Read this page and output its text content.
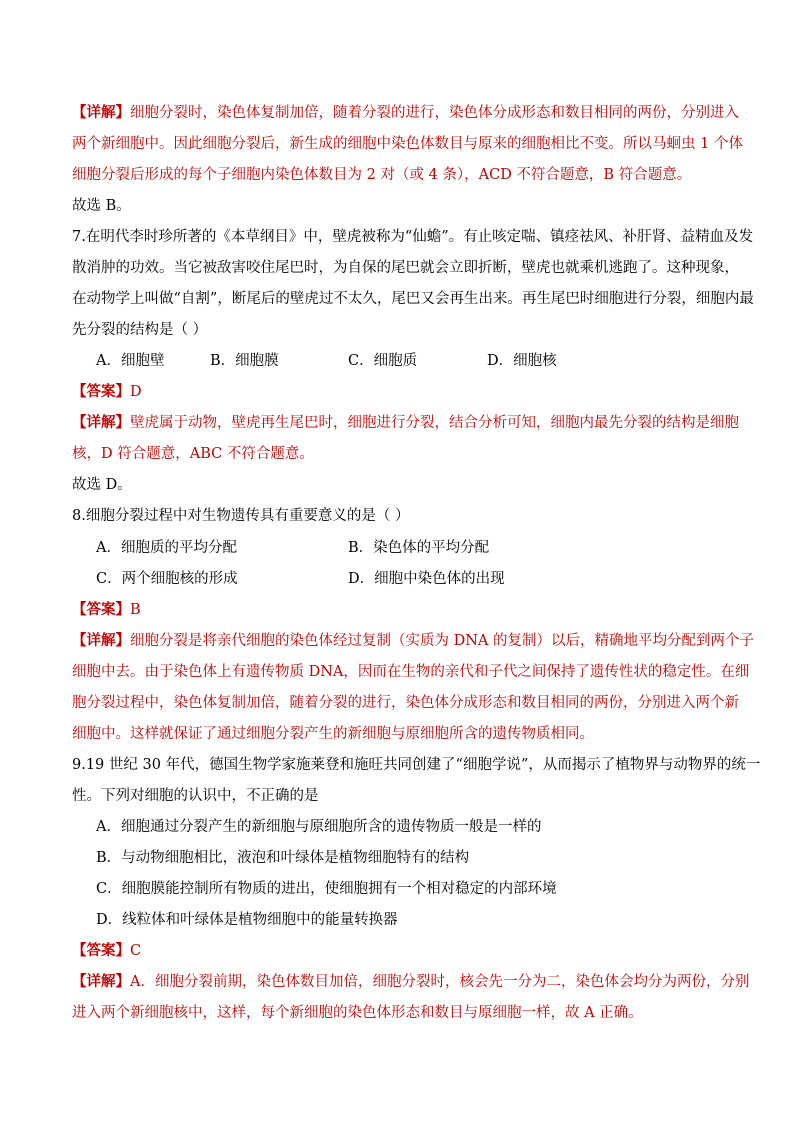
【详解】细胞分裂时，染色体复制加倍，随着分裂的进行，染色体分成形态和数目相同的两份，分别进入
两个新细胞中。因此细胞分裂后，新生成的细胞中染色体数目与原来的细胞相比不变。所以马蛔虫 1 个体
细胞分裂后形成的每个子细胞内染色体数目为 2 对（或 4 条），ACD 不符合题意，B 符合题意。
故选 B。
7.在明代李时珍所著的《本草纲目》中，壁虎被称为“仙蟾”。有止咳定喘、镇痉祛风、补肝肾、益精血及发
散消肿的功效。当它被敌害咬住尾巴时，为自保的尾巴就会立即折断，壁虎也就乘机逃跑了。这种现象，
在动物学上叫做“自割”，断尾后的壁虎过不太久，尾巴又会再生出来。再生尾巴时细胞进行分裂，细胞内最
先分裂的结构是（ ）
A．细胞壁	B．细胞膜	C．细胞质	D．细胞核
【答案】D
【详解】壁虎属于动物，壁虎再生尾巴时，细胞进行分裂，结合分析可知，细胞内最先分裂的结构是细胞
核，D 符合题意，ABC 不符合题意。
故选 D。
8.细胞分裂过程中对生物遗传具有重要意义的是（ ）
A．细胞质的平均分配	B．染色体的平均分配
C．两个细胞核的形成	D．细胞中染色体的出现
【答案】B
【详解】细胞分裂是将亲代细胞的染色体经过复制（实质为 DNA 的复制）以后，精确地平均分配到两个子
细胞中去。由于染色体上有遗传物质 DNA，因而在生物的亲代和子代之间保持了遗传性状的稳定性。在细
胞分裂过程中，染色体复制加倍，随着分裂的进行，染色体分成形态和数目相同的两份，分别进入两个新
细胞中。这样就保证了通过细胞分裂产生的新细胞与原细胞所含的遗传物质相同。
9.19 世纪 30 年代，德国生物学家施莱登和施旺共同创建了“细胞学说”，从而揭示了植物界与动物界的统一
性。下列对细胞的认识中，不正确的是
A．细胞通过分裂产生的新细胞与原细胞所含的遗传物质一般是一样的
B．与动物细胞相比，液泡和叶绿体是植物细胞特有的结构
C．细胞膜能控制所有物质的进出，使细胞拥有一个相对稳定的内部环境
D．线粒体和叶绿体是植物细胞中的能量转换器
【答案】C
【详解】A．细胞分裂前期，染色体数目加倍，细胞分裂时，核会先一分为二，染色体会均分为两份，分别
进入两个新细胞核中，这样，每个新细胞的染色体形态和数目与原细胞一样，故 A 正确。
